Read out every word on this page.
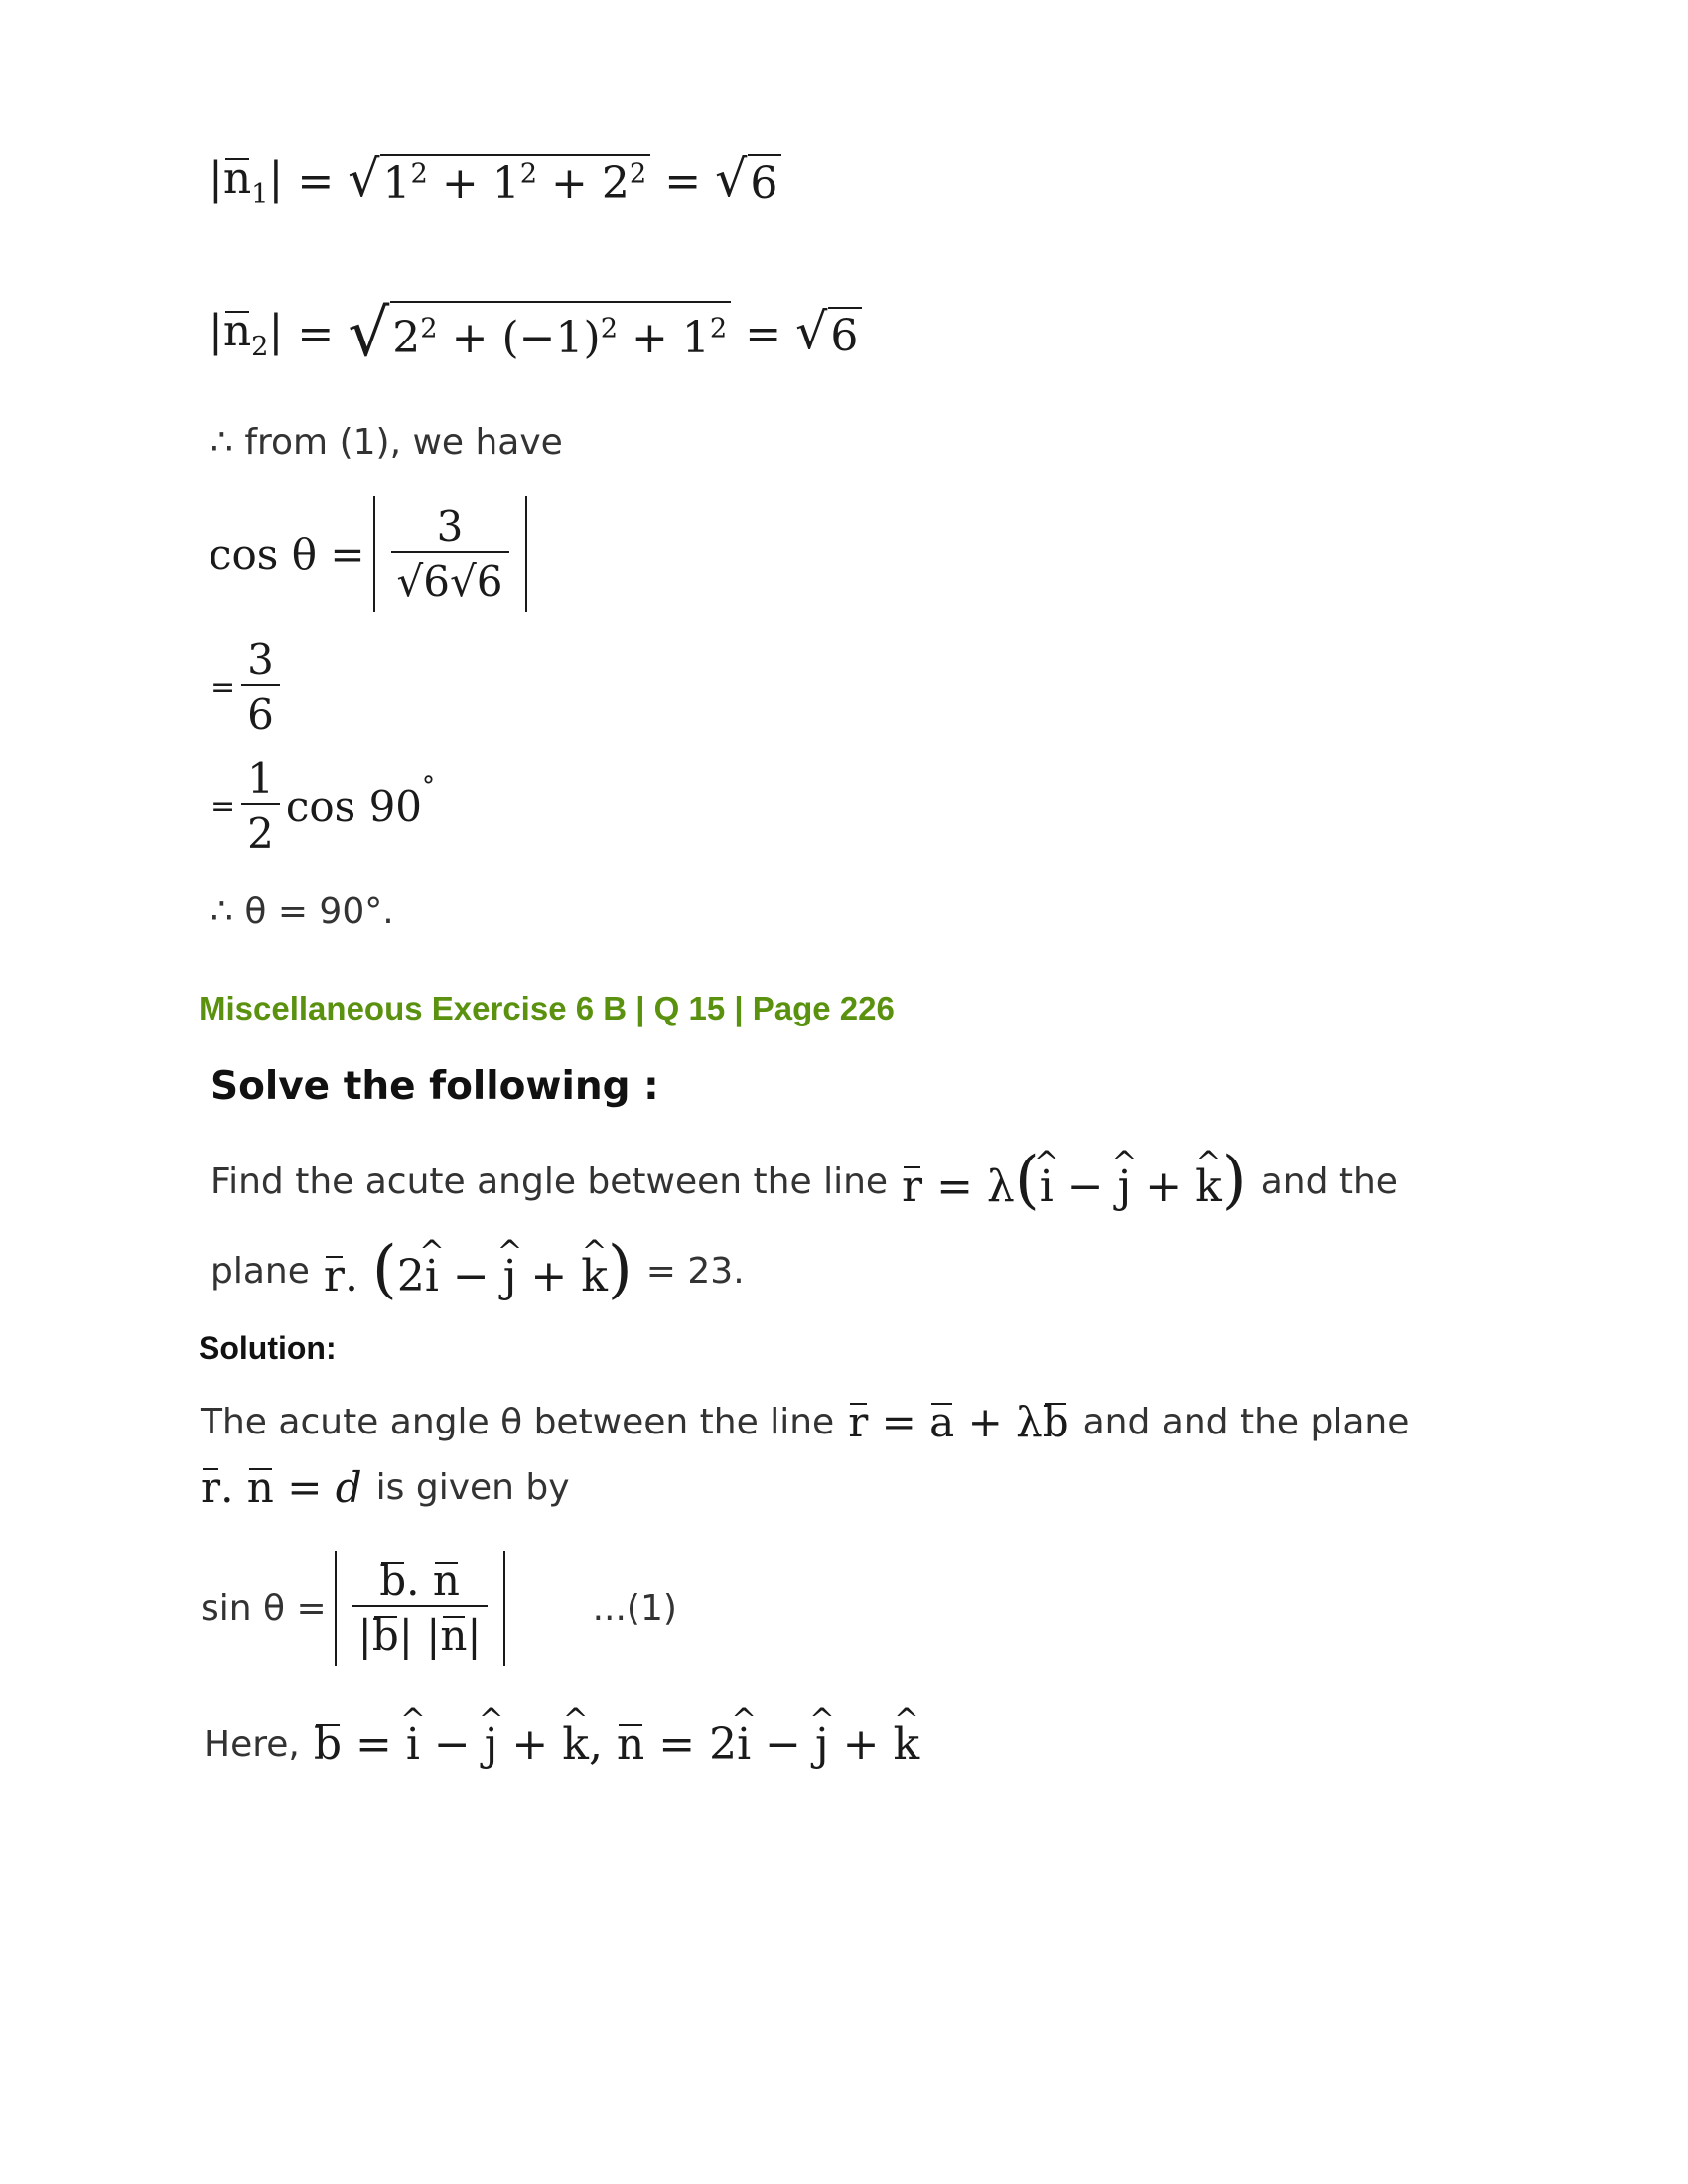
$|n_1|$ = √ $1^2 + 1^2 + 2^2$ = √ 6
$|n_2|$ = √ $2^2 + (-1)^2 + 1^2$ = √ 6
∴ from (1), we have
$\cos \theta = \frac{3}{√6√6}$
= $\frac{3}{6}$
= $\frac{1}{2}$ cos 90°
∴ θ = 90°.
Miscellaneous Exercise 6 B | Q 15 | Page 226
Solve the following :
Find the acute angle between the line r = λ(i ^ − j ^ + k ^) and the
plane r. (2i ^ − j ^ + k ^) = 23.
Solution:
The acute angle θ between the line r = a + λb and and the plane
r. n = d is given by
$\sin \theta = \frac{b. n}{|b| |n|}$	...(1)
Here, b = i ^ − j ^ + k ^, n = 2i ^ − j ^ + k ^
